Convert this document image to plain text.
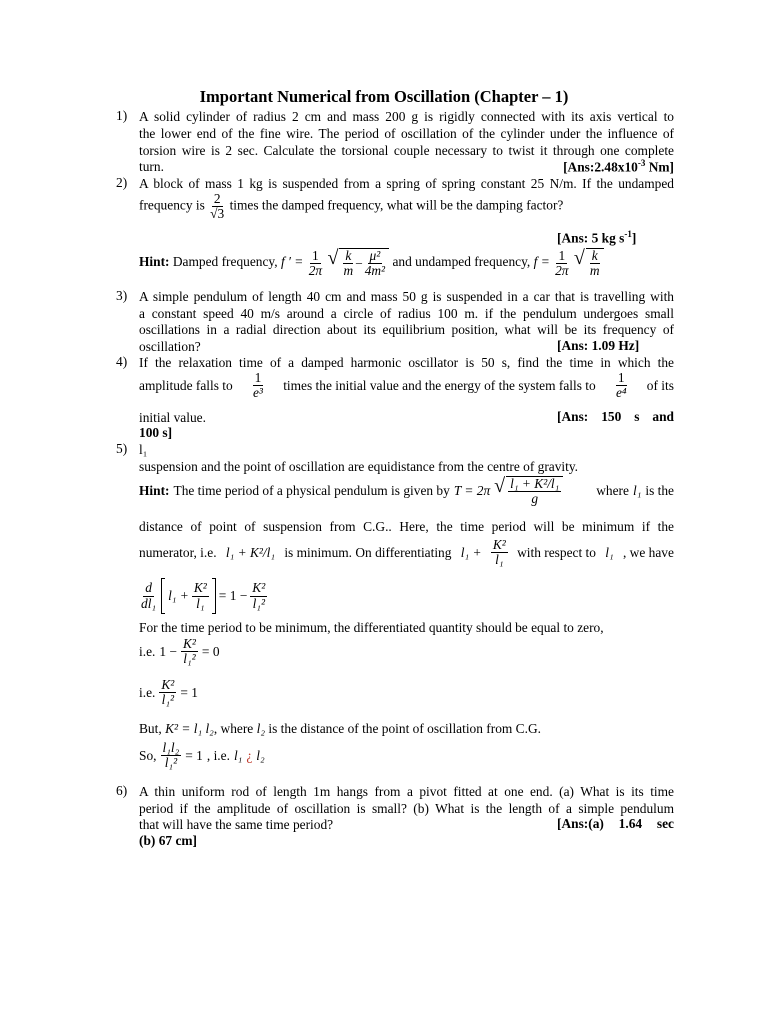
Important Numerical from Oscillation (Chapter – 1)
1) A solid cylinder of radius 2 cm and mass 200 g is rigidly connected with its axis vertical to
the lower end of the fine wire. The period of oscillation of the cylinder under the influence of
torsion wire is 2 sec. Calculate the torsional couple necessary to twist it through one complete
turn.	[$Ans:2.48x10^{-3}$ Nm]
2) A block of mass 1 kg is suspended from a spring of spring constant 25 N/m. If the undamped
frequency is $\frac{2}{√3}$ times the damped frequency, what will be the damping factor?
[Ans: 5 kg $s^{-1}$]
Hint: Damped frequency, f ′ = $\frac{1}{2\pi}$
√ $\frac{k}{m} - \frac{\text{μ²}}{\text{4m²}}$ and undamped frequency, $f = \frac{1}{2\pi}$
√ $\frac{k}{m}$
3) A simple pendulum of length 40 cm and mass 50 g is suspended in a car that is travelling with
a constant speed 40 m/s around a circle of radius 100 m. if the pendulum undergoes small
oscillations in a radial direction about its equilibrium position, what will be its frequency of
oscillation?	[Ans: 1.09 Hz]
4) If the relaxation time of a damped harmonic oscillator is 50 s, find the time in which the
amplitude falls to $\frac{1}{\text{e³}}$ times the initial value and the energy of the system falls to $\frac{1}{\text{e⁴}}$ of its
initial value.	[Ans: 150 s and
100 s]
5) l₁
suspension and the point of oscillation are equidistance from the centre of gravity.
Hint: The time period of a physical pendulum is given by T = 2π √ $\frac{\text{l₁ + K²/l₁}}{g}$	where l₁ is the
distance of point of suspension from C.G.. Here, the time period will be minimum if the
numerator, i.e. l₁ + K²/l₁ is minimum. On differentiating $l_1 + \frac{\text{K²}}{\text{l₁}}$ with respect to l₁ , we have
$\frac{d}{\text{dl₁}} l_1 + \frac{\text{K²}}{\text{l₁}} = 1 - \frac{\text{K²}}{\text{l₁²}}$
For the time period to be minimum, the differentiated quantity should be equal to zero,
i.e. $1 - \frac{\text{K²}}{\text{l₁²}} = 0$
i.e. $\frac{\text{K²}}{\text{l₁²}} = 1$
But, K² = l₁ l₂, where l₂ is the distance of the point of oscillation from C.G.
So, $\frac{\text{l₁l₂}}{\text{l₁²}} = 1$ , i.e. l₁ ¿ l₂
6) A thin uniform rod of length 1m hangs from a pivot fitted at one end. (a) What is its time
period if the amplitude of oscillation is small? (b) What is the length of a simple pendulum
that will have the same time period?	[Ans:(a) 1.64 sec
(b) 67 cm]
